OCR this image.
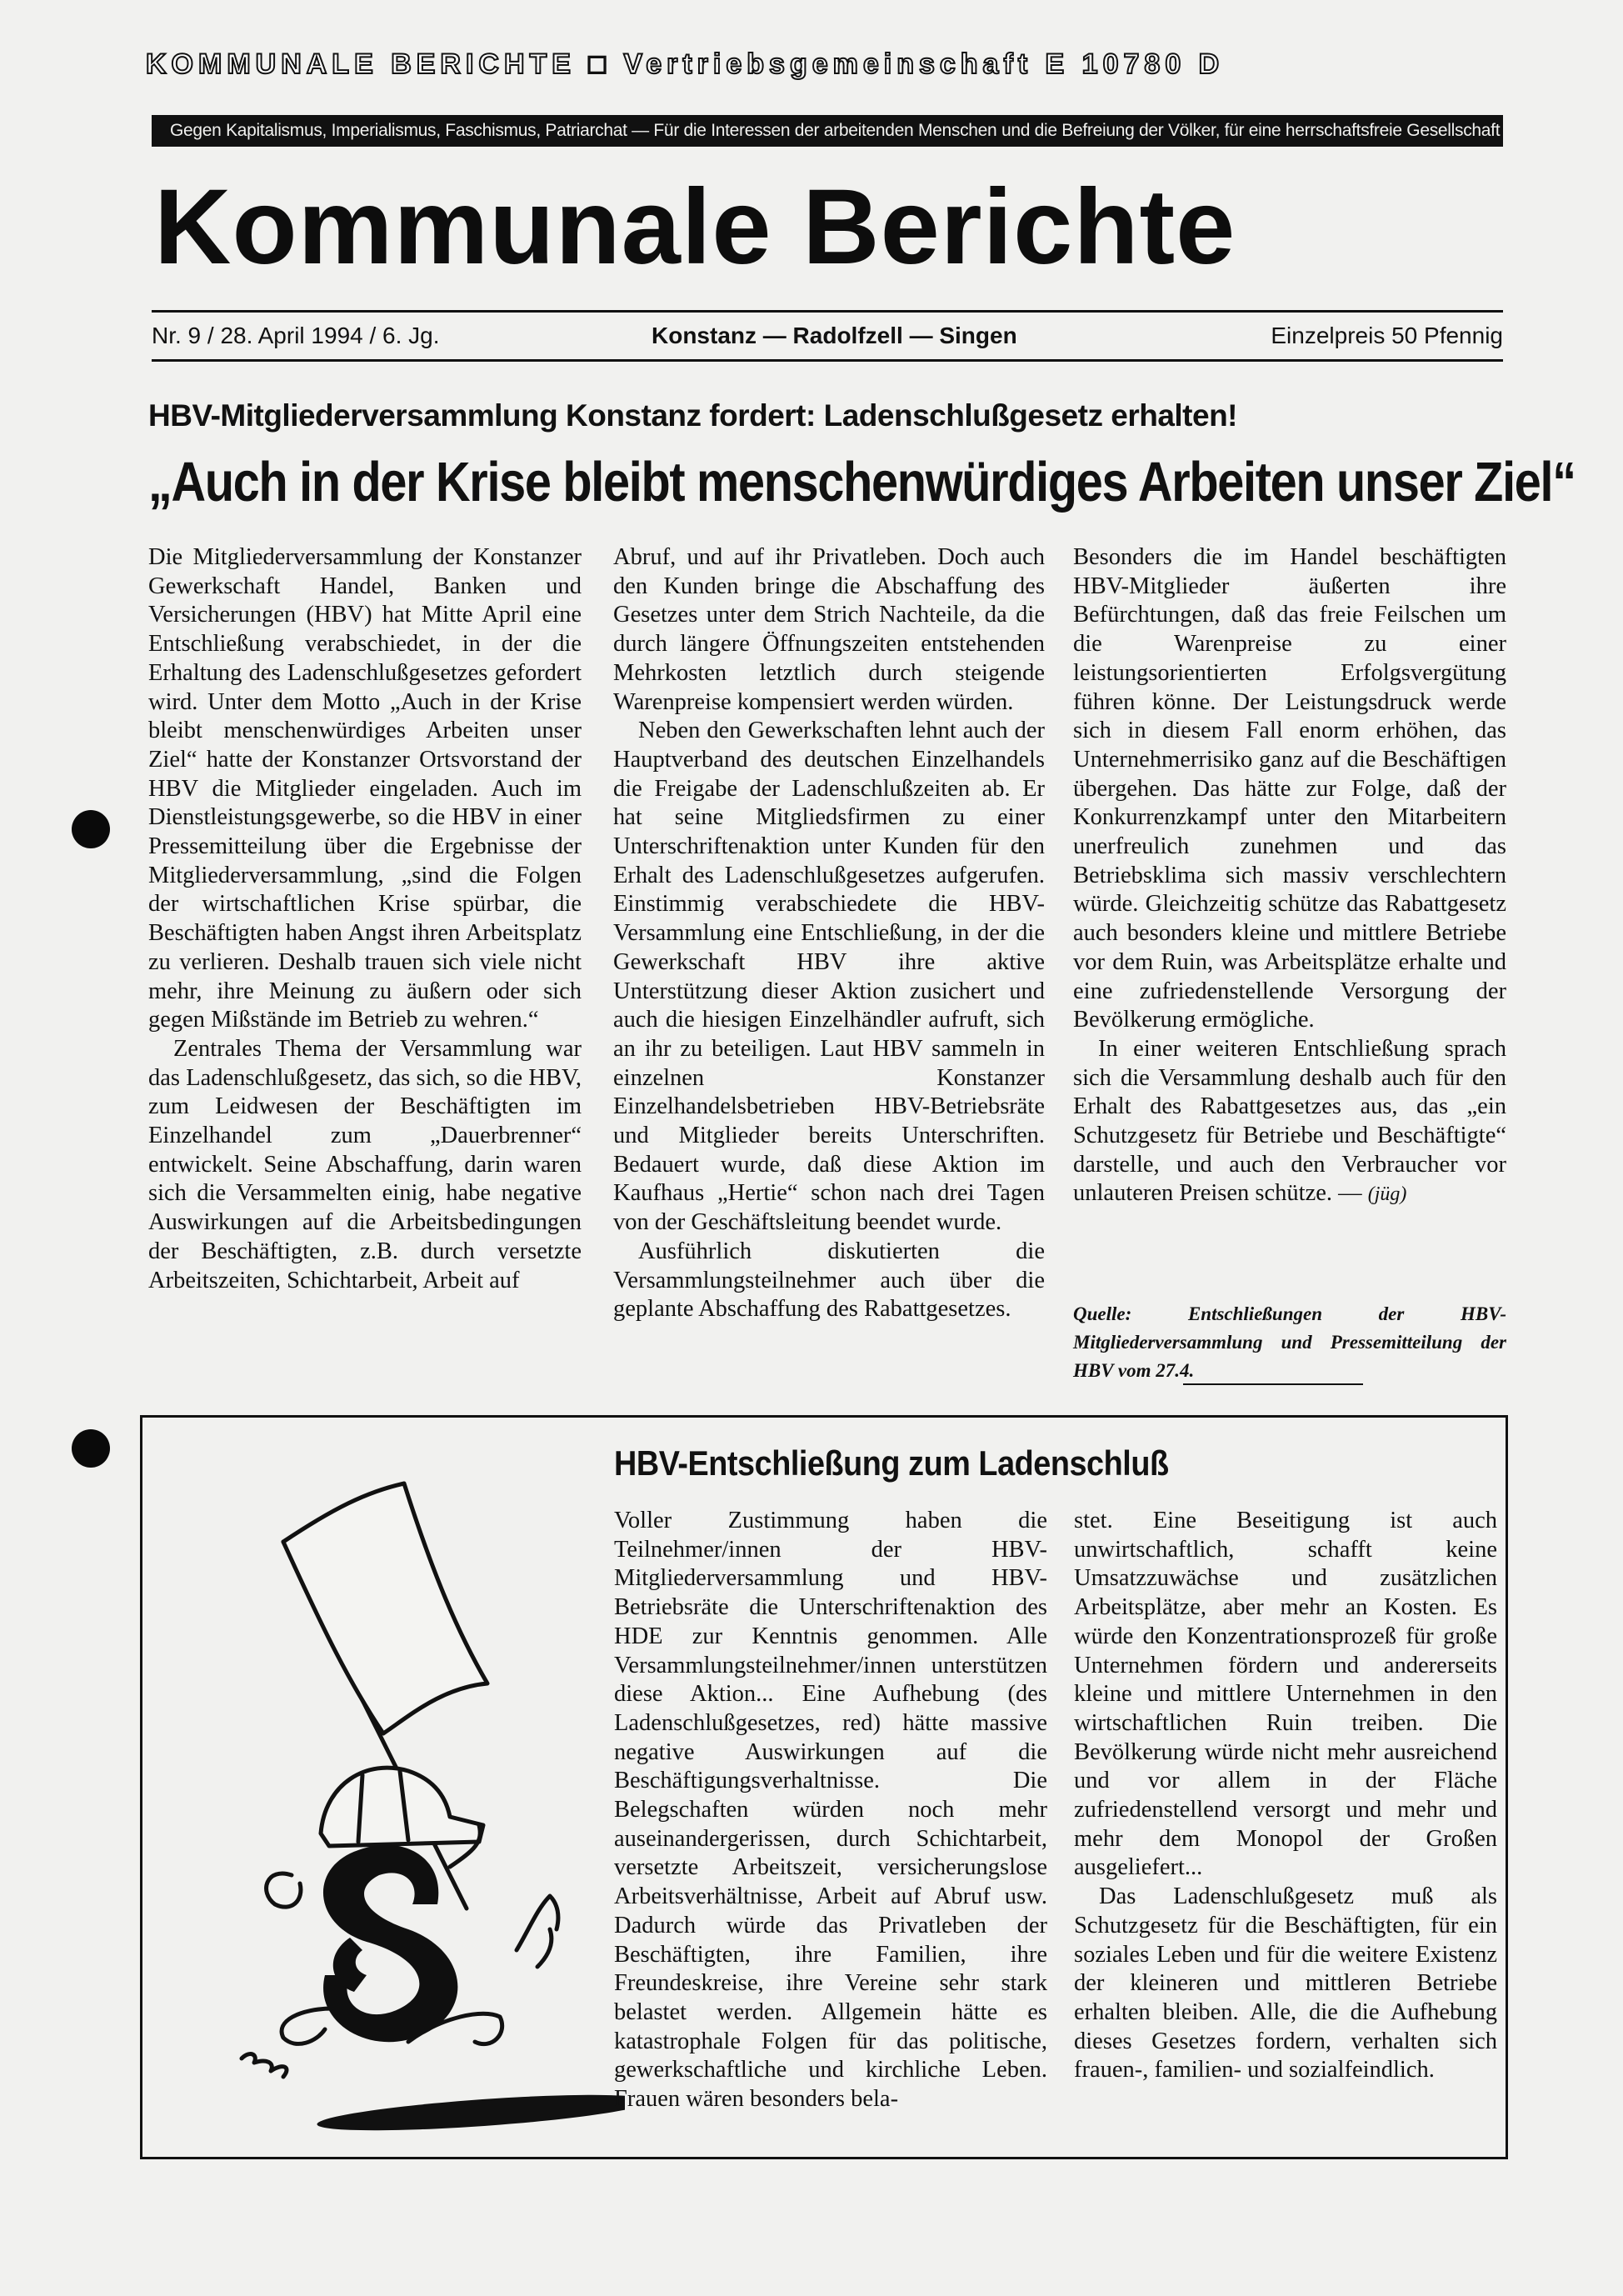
KOMMUNALE BERICHTE □ Vertriebsgemeinschaft E 10780 D
Gegen Kapitalismus, Imperialismus, Faschismus, Patriarchat — Für die Interessen der arbeitenden Menschen und die Befreiung der Völker, für eine herrschaftsfreie Gesellschaft
Kommunale Berichte
Nr. 9 / 28. April 1994 / 6. Jg.	Konstanz — Radolfzell — Singen	Einzelpreis 50 Pfennig
HBV-Mitgliederversammlung Konstanz fordert: Ladenschlußgesetz erhalten!
„Auch in der Krise bleibt menschenwürdiges Arbeiten unser Ziel“

Die Mitgliederversammlung der Konstanzer Gewerkschaft Handel, Banken und Versicherungen (HBV) hat Mitte April eine Entschließung verabschiedet, in der die Erhaltung des Ladenschlußgesetzes gefordert wird. Unter dem Motto „Auch in der Krise bleibt menschenwürdiges Arbeiten unser Ziel“ hatte der Konstanzer Ortsvorstand der HBV die Mitglieder eingeladen. Auch im Dienstleistungsgewerbe, so die HBV in einer Pressemitteilung über die Ergebnisse der Mitgliederversammlung, „sind die Folgen der wirtschaftlichen Krise spürbar, die Beschäftigten haben Angst ihren Arbeitsplatz zu verlieren. Deshalb trauen sich viele nicht mehr, ihre Meinung zu äußern oder sich gegen Mißstände im Betrieb zu wehren.“

Zentrales Thema der Versammlung war das Ladenschlußgesetz, das sich, so die HBV, zum Leidwesen der Beschäftigten im Einzelhandel zum „Dauerbrenner“ entwickelt. Seine Abschaffung, darin waren sich die Versammelten einig, habe negative Auswirkungen auf die Arbeitsbedingungen der Beschäftigten, z.B. durch versetzte Arbeitszeiten, Schichtarbeit, Arbeit auf

Abruf, und auf ihr Privatleben. Doch auch den Kunden bringe die Abschaffung des Gesetzes unter dem Strich Nachteile, da die durch längere Öffnungszeiten entstehenden Mehrkosten letztlich durch steigende Warenpreise kompensiert werden würden.

Neben den Gewerkschaften lehnt auch der Hauptverband des deutschen Einzelhandels die Freigabe der Ladenschlußzeiten ab. Er hat seine Mitgliedsfirmen zu einer Unterschriftenaktion unter Kunden für den Erhalt des Ladenschlußgesetzes aufgerufen. Einstimmig verabschiedete die HBV-Versammlung eine Entschließung, in der die Gewerkschaft HBV ihre aktive Unterstützung dieser Aktion zusichert und auch die hiesigen Einzelhändler aufruft, sich an ihr zu beteiligen. Laut HBV sammeln in einzelnen Konstanzer Einzelhandelsbetrieben HBV-Betriebsräte und Mitglieder bereits Unterschriften. Bedauert wurde, daß diese Aktion im Kaufhaus „Hertie“ schon nach drei Tagen von der Geschäftsleitung beendet wurde.

Ausführlich diskutierten die Versammlungsteilnehmer auch über die geplante Abschaffung des Rabattgesetzes.

Besonders die im Handel beschäftigten HBV-Mitglieder äußerten ihre Befürchtungen, daß das freie Feilschen um die Warenpreise zu einer leistungsorientierten Erfolgsvergütung führen könne. Der Leistungsdruck werde sich in diesem Fall enorm erhöhen, das Unternehmerrisiko ganz auf die Beschäftigen übergehen. Das hätte zur Folge, daß der Konkurrenzkampf unter den Mitarbeitern unerfreulich zunehmen und das Betriebsklima sich massiv verschlechtern würde. Gleichzeitig schütze das Rabattgesetz auch besonders kleine und mittlere Betriebe vor dem Ruin, was Arbeitsplätze erhalte und eine zufriedenstellende Versorgung der Bevölkerung ermögliche.

In einer weiteren Entschließung sprach sich die Versammlung deshalb auch für den Erhalt des Rabattgesetzes aus, das „ein Schutzgesetz für Betriebe und Beschäftigte“ darstelle, und auch den Verbraucher vor unlauteren Preisen schütze. — (jüg)

Quelle: Entschließungen der HBV-Mitgliederversammlung und Pressemitteilung der HBV vom 27.4.
HBV-Entschließung zum Ladenschluß

Voller Zustimmung haben die Teilnehmer/innen der HBV-Mitgliederversammlung und HBV-Betriebsräte die Unterschriftenaktion des HDE zur Kenntnis genommen. Alle Versammlungsteilnehmer/innen unterstützen diese Aktion... Eine Aufhebung (des Ladenschlußgesetzes, red) hätte massive negative Auswirkungen auf die Beschäftigungsverhaltnisse. Die Belegschaften würden noch mehr auseinandergerissen, durch Schichtarbeit, versetzte Arbeitszeit, versicherungslose Arbeitsverhältnisse, Arbeit auf Abruf usw. Dadurch würde das Privatleben der Beschäftigten, ihre Familien, ihre Freundeskreise, ihre Vereine sehr stark belastet werden. Allgemein hätte es katastrophale Folgen für das politische, gewerkschaftliche und kirchliche Leben. Frauen wären besonders bela-

stet. Eine Beseitigung ist auch unwirtschaftlich, schafft keine Umsatzzuwächse und zusätzlichen Arbeitsplätze, aber mehr an Kosten. Es würde den Konzentrationsprozeß für große Unternehmen fördern und andererseits kleine und mittlere Unternehmen in den wirtschaftlichen Ruin treiben. Die Bevölkerung würde nicht mehr ausreichend und vor allem in der Fläche zufriedenstellend versorgt und mehr und mehr dem Monopol der Großen ausgeliefert...

Das Ladenschlußgesetz muß als Schutzgesetz für die Beschäftigten, für ein soziales Leben und für die weitere Existenz der kleineren und mittleren Betriebe erhalten bleiben. Alle, die die Aufhebung dieses Gesetzes fordern, verhalten sich frauen-, familien- und sozialfeindlich.
